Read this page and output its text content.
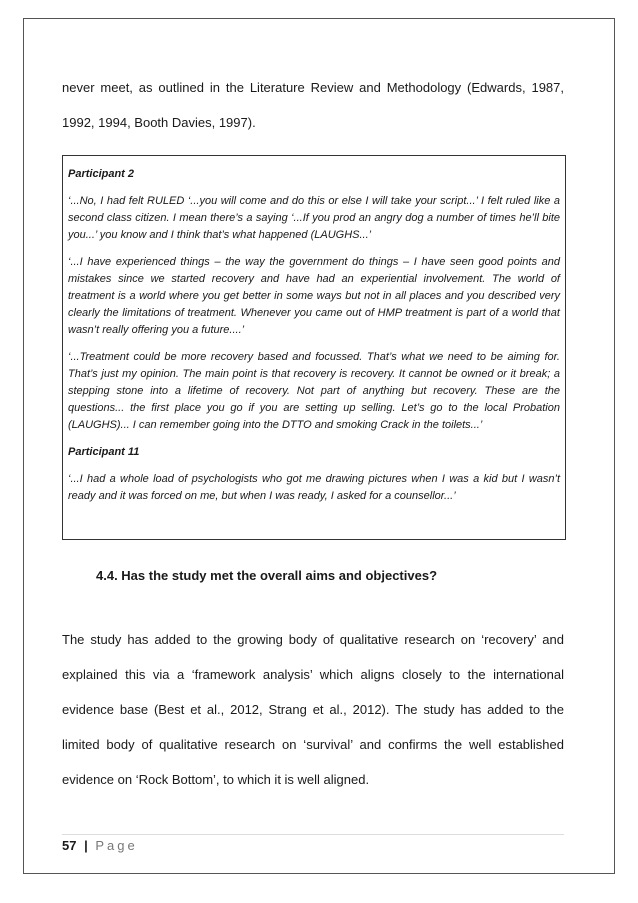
never meet, as outlined in the Literature Review and Methodology (Edwards, 1987, 1992, 1994, Booth Davies, 1997).

Participant 2

‘...No, I had felt RULED ‘...you will come and do this or else I will take your script...’ I felt ruled like a second class citizen. I mean there’s a saying ‘...If you prod an angry dog a number of times he’ll bite you...’ you know and I think that’s what happened (LAUGHS...’

‘...I have experienced things – the way the government do things – I have seen good points and mistakes since we started recovery and have had an experiential involvement. The world of treatment is a world where you get better in some ways but not in all places and you described very clearly the limitations of treatment. Whenever you came out of HMP treatment is part of a world that wasn’t really offering you a future....’

‘...Treatment could be more recovery based and focussed. That’s what we need to be aiming for. That’s just my opinion. The main point is that recovery is recovery. It cannot be owned or it break; a stepping stone into a lifetime of recovery. Not part of anything but recovery. These are the questions... the first place you go if you are setting up selling. Let’s go to the local Probation (LAUGHS)... I can remember going into the DTTO and smoking Crack in the toilets...’

Participant 11

‘...I had a whole load of psychologists who got me drawing pictures when I was a kid but I wasn’t ready and it was forced on me, but when I was ready, I asked for a counsellor...’

4.4. Has the study met the overall aims and objectives?

The study has added to the growing body of qualitative research on ‘recovery’ and explained this via a ‘framework analysis’ which aligns closely to the international evidence base (Best et al., 2012, Strang et al., 2012). The study has added to the limited body of qualitative research on ‘survival’ and confirms the well established evidence on ‘Rock Bottom’, to which it is well aligned.

57 | Page
